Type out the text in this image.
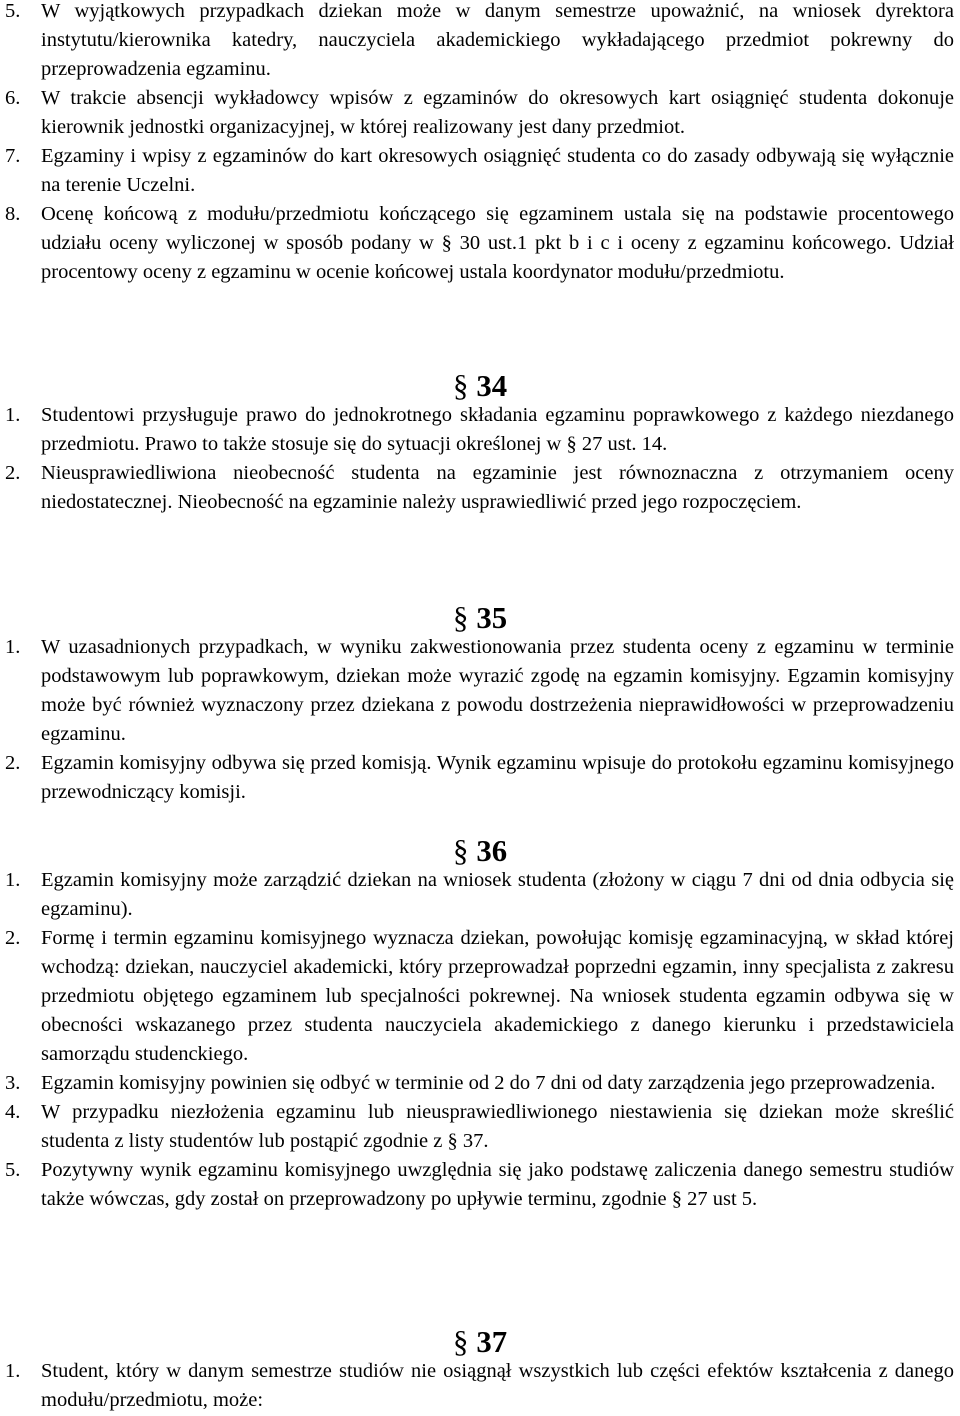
5. W wyjątkowych przypadkach dziekan może w danym semestrze upoważnić, na wniosek dyrektora instytutu/kierownika katedry, nauczyciela akademickiego wykładającego przedmiot pokrewny do przeprowadzenia egzaminu.
6. W trakcie absencji wykładowcy wpisów z egzaminów do okresowych kart osiągnięć studenta dokonuje kierownik jednostki organizacyjnej, w której realizowany jest dany przedmiot.
7. Egzaminy i wpisy z egzaminów do kart okresowych osiągnięć studenta co do zasady odbywają się wyłącznie na terenie Uczelni.
8. Ocenę końcową z modułu/przedmiotu kończącego się egzaminem ustala się na podstawie procentowego udziału oceny wyliczonej w sposób podany w § 30 ust.1 pkt b i c i oceny z egzaminu końcowego. Udział procentowy oceny z egzaminu w ocenie końcowej ustala koordynator modułu/przedmiotu.
§ 34
1. Studentowi przysługuje prawo do jednokrotnego składania egzaminu poprawkowego z każdego niezdanego przedmiotu. Prawo to także stosuje się do sytuacji określonej w § 27 ust. 14.
2. Nieusprawiedliwiona nieobecność studenta na egzaminie jest równoznaczna z otrzymaniem oceny niedostatecznej. Nieobecność na egzaminie należy usprawiedliwić przed jego rozpoczęciem.
§ 35
1. W uzasadnionych przypadkach, w wyniku zakwestionowania przez studenta oceny z egzaminu w terminie podstawowym lub poprawkowym, dziekan może wyrazić zgodę na egzamin komisyjny. Egzamin komisyjny może być również wyznaczony przez dziekana z powodu dostrzeżenia nieprawidłowości w przeprowadzeniu egzaminu.
2. Egzamin komisyjny odbywa się przed komisją. Wynik egzaminu wpisuje do protokołu egzaminu komisyjnego przewodniczący komisji.
§ 36
1. Egzamin komisyjny może zarządzić dziekan na wniosek studenta (złożony w ciągu 7 dni od dnia odbycia się egzaminu).
2. Formę i termin egzaminu komisyjnego wyznacza dziekan, powołując komisję egzaminacyjną, w skład której wchodzą: dziekan, nauczyciel akademicki, który przeprowadzał poprzedni egzamin, inny specjalista z zakresu przedmiotu objętego egzaminem lub specjalności pokrewnej. Na wniosek studenta egzamin odbywa się w obecności wskazanego przez studenta nauczyciela akademickiego z danego kierunku i przedstawiciela samorządu studenckiego.
3. Egzamin komisyjny powinien się odbyć w terminie od 2 do 7 dni od daty zarządzenia jego przeprowadzenia.
4. W przypadku niezłożenia egzaminu lub nieusprawiedliwionego niestawienia się dziekan może skreślić studenta z listy studentów lub postąpić zgodnie z § 37.
5. Pozytywny wynik egzaminu komisyjnego uwzględnia się jako podstawę zaliczenia danego semestru studiów także wówczas, gdy został on przeprowadzony po upływie terminu, zgodnie § 27 ust 5.
§ 37
1. Student, który w danym semestrze studiów nie osiągnął wszystkich lub części efektów kształcenia z danego modułu/przedmiotu, może:
